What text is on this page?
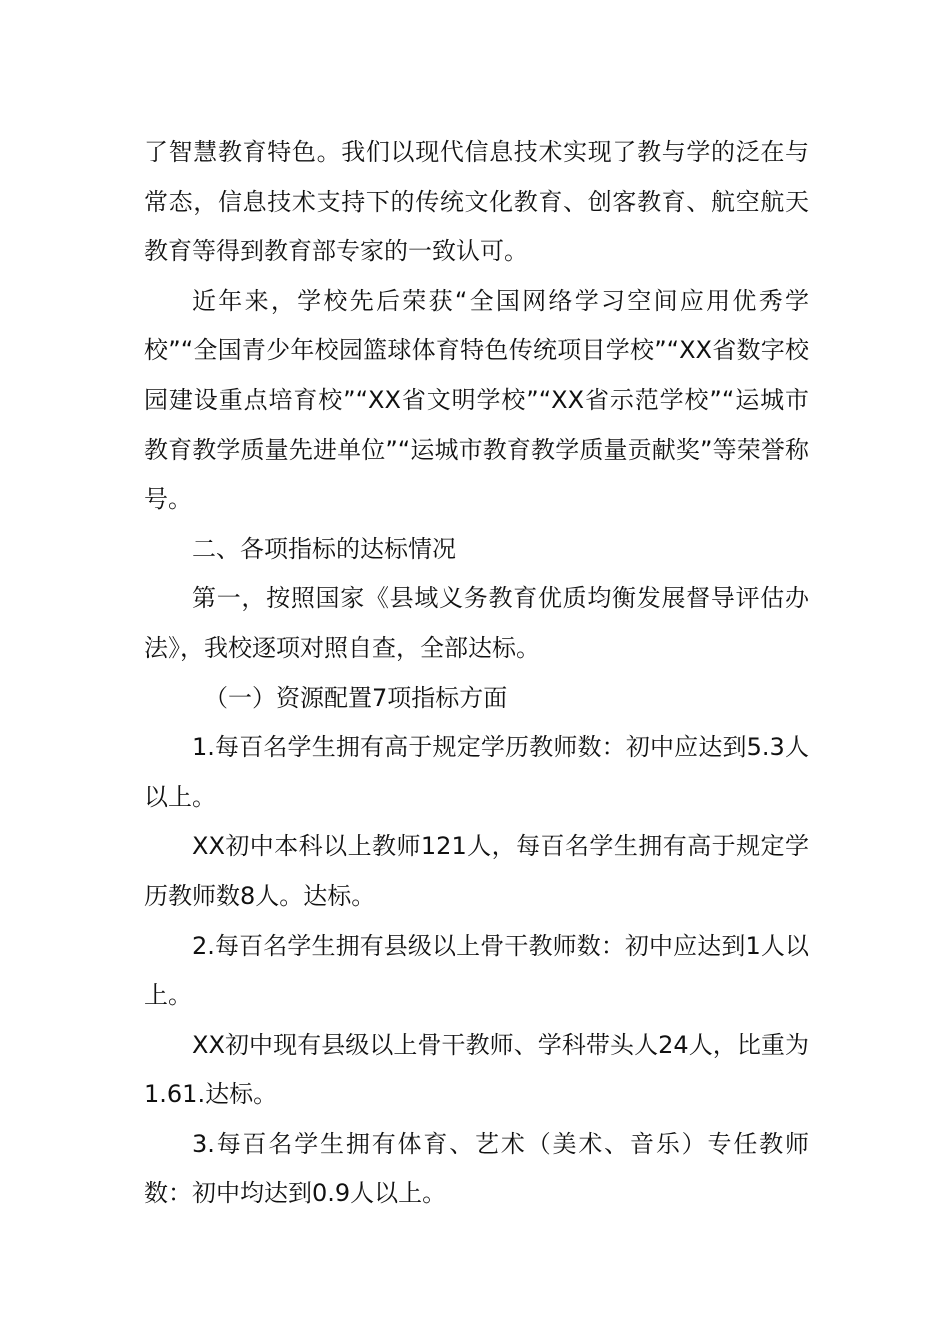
了智慧教育特色。我们以现代信息技术实现了教与学的泛在与常态，信息技术支持下的传统文化教育、创客教育、航空航天教育等得到教育部专家的一致认可。

近年来，学校先后荣获“全国网络学习空间应用优秀学校”“全国青少年校园篮球体育特色传统项目学校”“XX省数字校园建设重点培育校”“XX省文明学校”“XX省示范学校”“运城市教育教学质量先进单位”“运城市教育教学质量贡献奖”等荣誉称号。

二、各项指标的达标情况

第一，按照国家《县域义务教育优质均衡发展督导评估办法》，我校逐项对照自查，全部达标。

（一）资源配置7项指标方面

1.每百名学生拥有高于规定学历教师数：初中应达到5.3人以上。

XX初中本科以上教师121人，每百名学生拥有高于规定学历教师数8人。达标。

2.每百名学生拥有县级以上骨干教师数：初中应达到1人以上。

XX初中现有县级以上骨干教师、学科带头人24人，比重为1.61.达标。

3.每百名学生拥有体育、艺术（美术、音乐）专任教师数：初中均达到0.9人以上。
